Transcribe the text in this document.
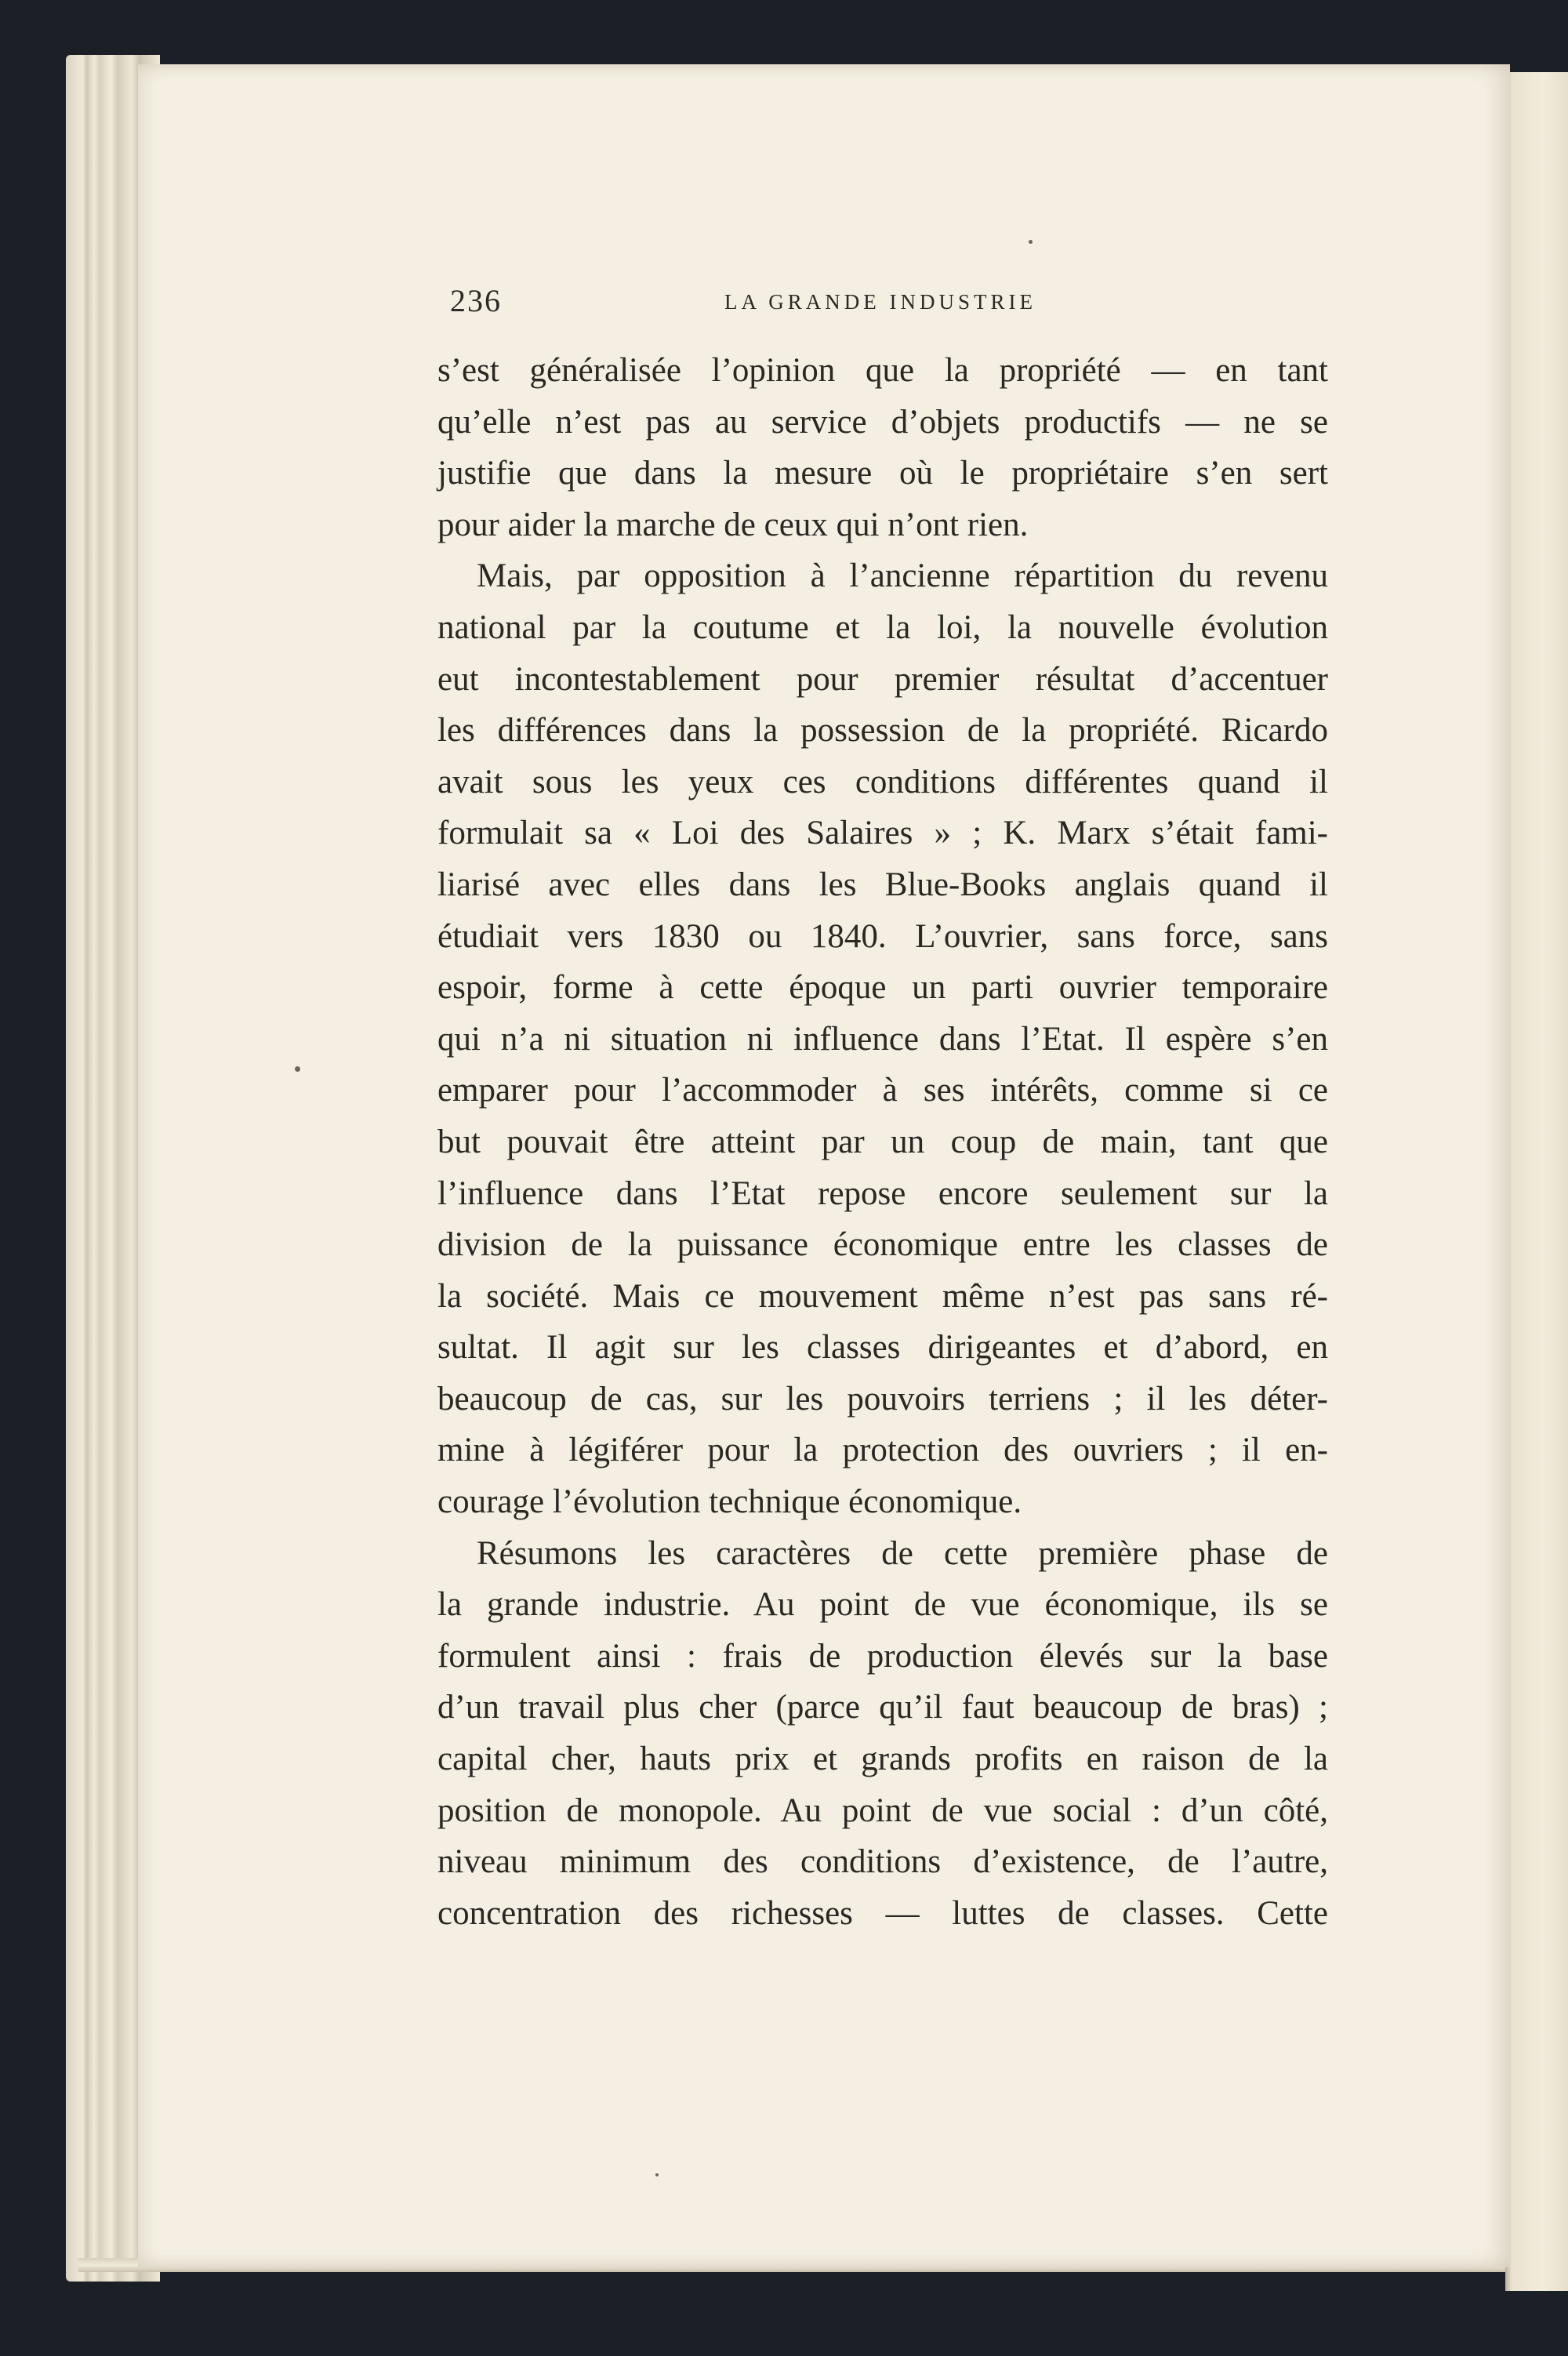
236	LA GRANDE INDUSTRIE
s’est généralisée l’opinion que la propriété — en tant
qu’elle n’est pas au service d’objets productifs — ne se
justifie que dans la mesure où le propriétaire s’en sert
pour aider la marche de ceux qui n’ont rien.
Mais, par opposition à l’ancienne répartition du revenu
national par la coutume et la loi, la nouvelle évolution
eut incontestablement pour premier résultat d’accentuer
les différences dans la possession de la propriété. Ricardo
avait sous les yeux ces conditions différentes quand il
formulait sa « Loi des Salaires » ; K. Marx s’était fami-
liarisé avec elles dans les Blue-Books anglais quand il
étudiait vers 1830 ou 1840. L’ouvrier, sans force, sans
espoir, forme à cette époque un parti ouvrier temporaire
qui n’a ni situation ni influence dans l’Etat. Il espère s’en
emparer pour l’accommoder à ses intérêts, comme si ce
but pouvait être atteint par un coup de main, tant que
l’influence dans l’Etat repose encore seulement sur la
division de la puissance économique entre les classes de
la société. Mais ce mouvement même n’est pas sans ré-
sultat. Il agit sur les classes dirigeantes et d’abord, en
beaucoup de cas, sur les pouvoirs terriens ; il les déter-
mine à légiférer pour la protection des ouvriers ; il en-
courage l’évolution technique économique.
Résumons les caractères de cette première phase de
la grande industrie. Au point de vue économique, ils se
formulent ainsi : frais de production élevés sur la base
d’un travail plus cher (parce qu’il faut beaucoup de bras) ;
capital cher, hauts prix et grands profits en raison de la
position de monopole. Au point de vue social : d’un côté,
niveau minimum des conditions d’existence, de l’autre,
concentration des richesses — luttes de classes. Cette
